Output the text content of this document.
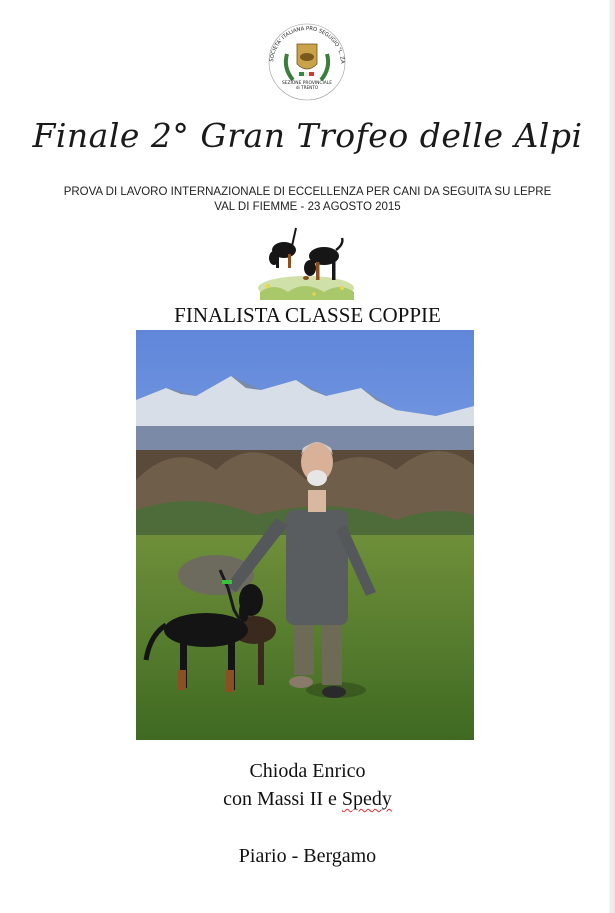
SOCIETA' ITALIANA PRO SEGUGIO "L. ZA
SEZIONE PROVINCIALE
di TRENTO
Finale 2° Gran Trofeo delle Alpi
PROVA DI LAVORO INTERNAZIONALE DI ECCELLENZA PER CANI DA SEGUITA SU LEPRE
VAL DI FIEMME - 23 AGOSTO 2015
FINALISTA CLASSE COPPIE
Chioda Enrico
con Massi II e Spedy
Piario - Bergamo
